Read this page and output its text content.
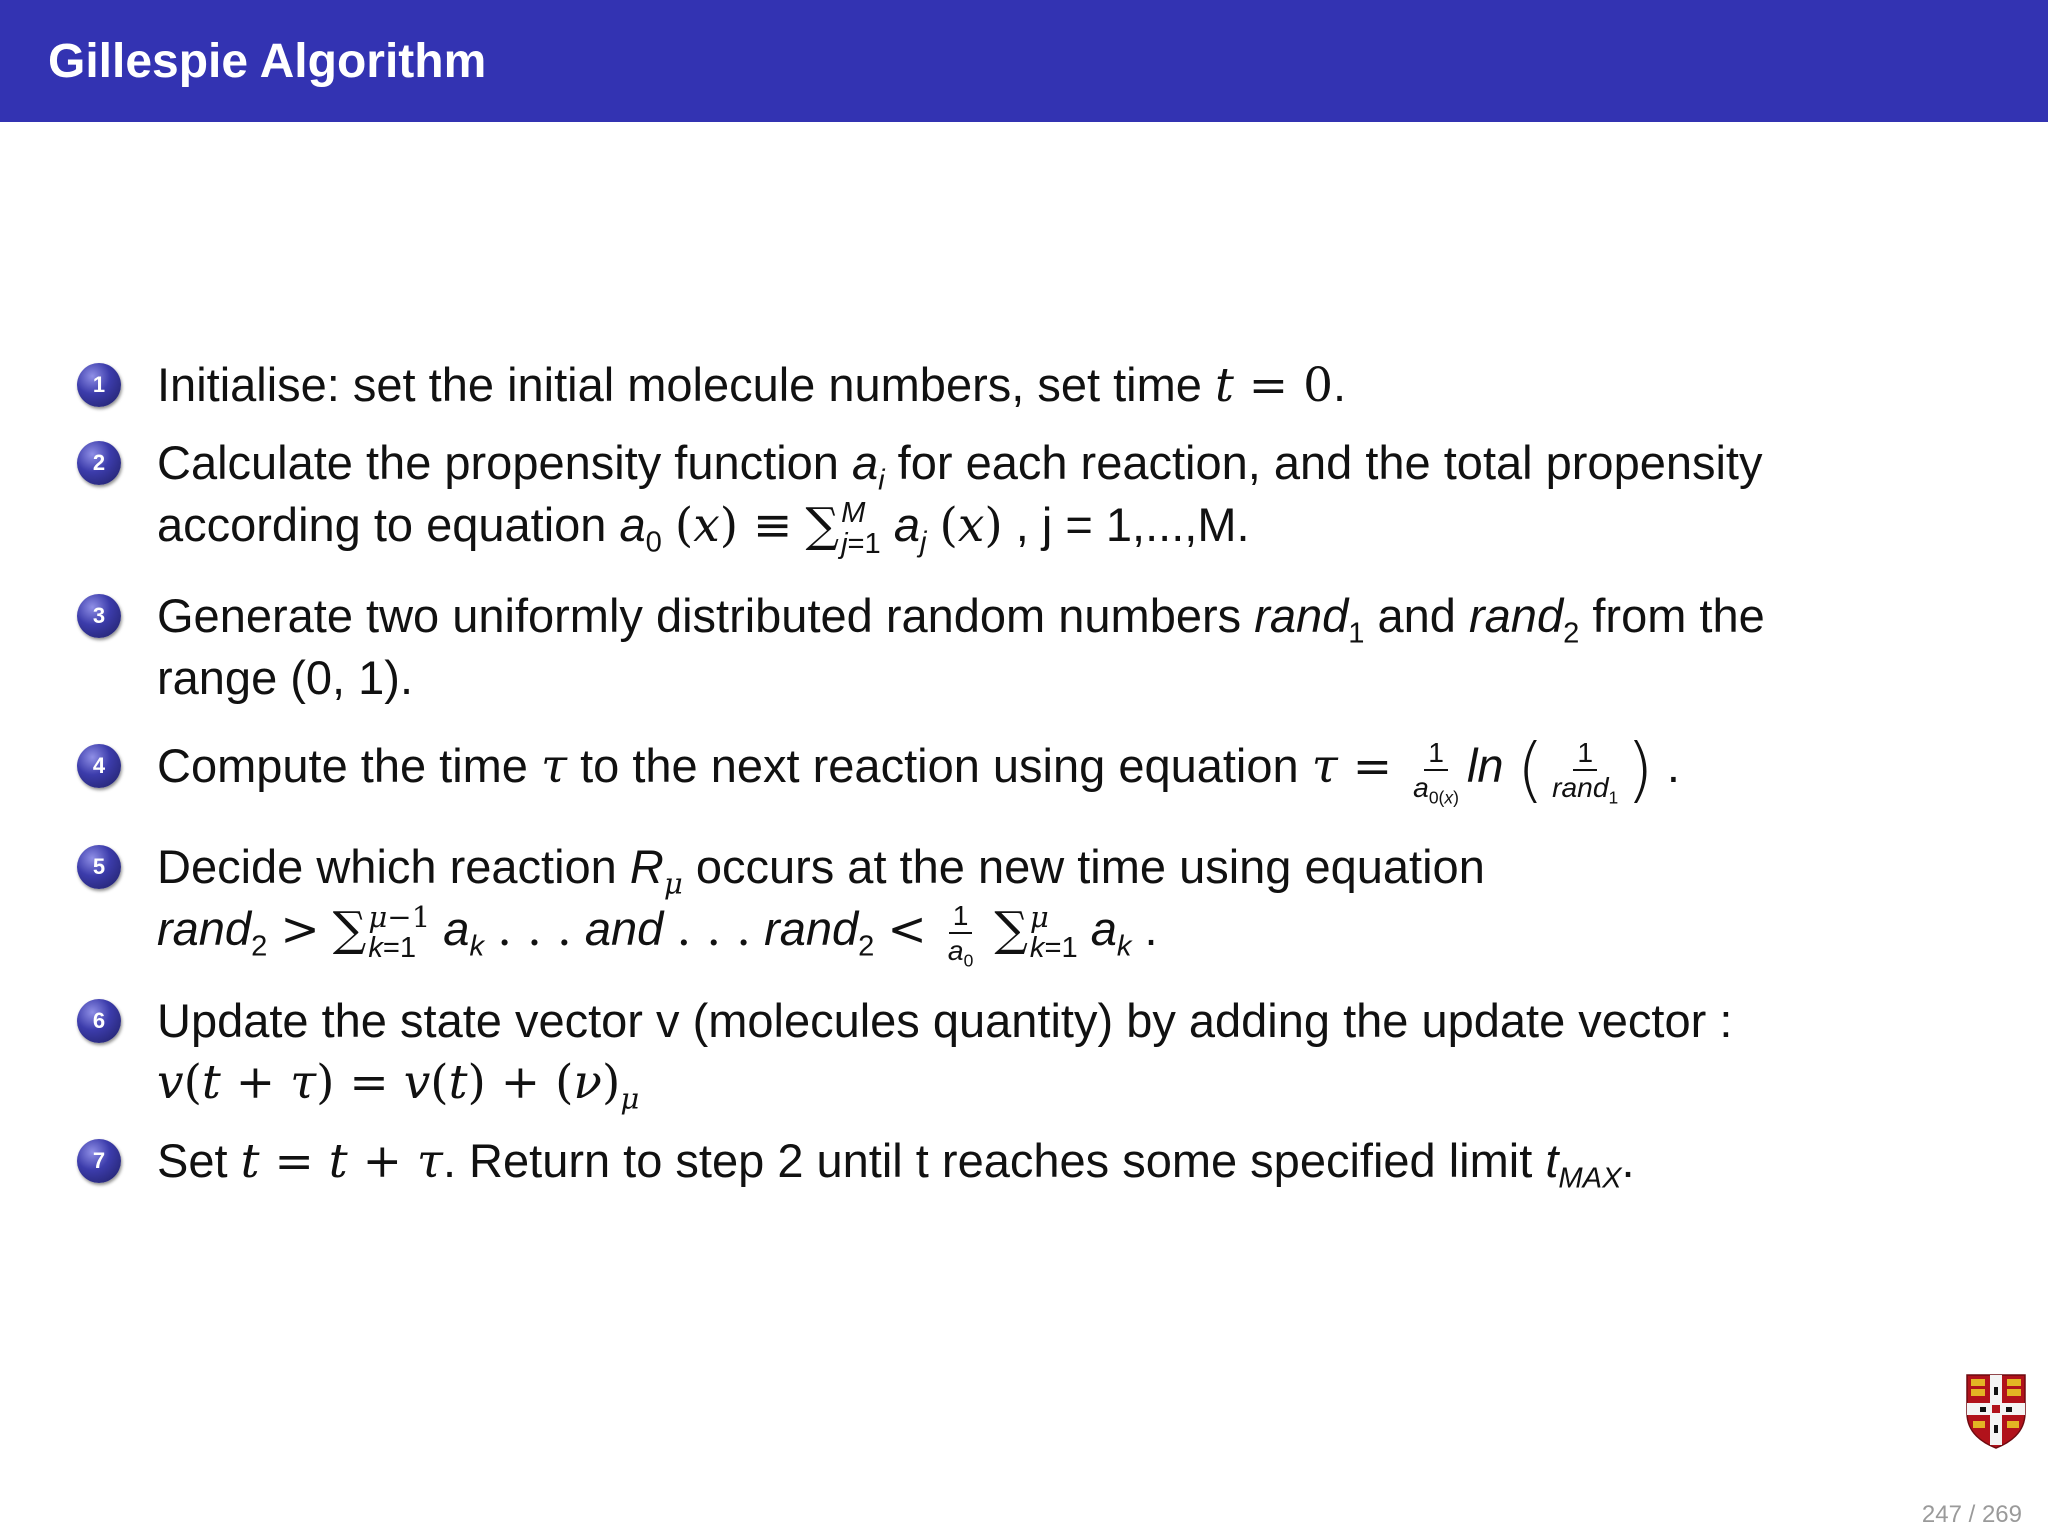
Gillespie Algorithm
1	Initialise: set the initial molecule numbers, set time t = 0.
2	Calculate the propensity function $a_i$ for each reaction, and the total propensity
according to equation $a_0$ (x) ≡ ∑ M
j=1 $a_j$ (x) , j = 1,...,M.
3	Generate two uniformly distributed random numbers rand$_1$ and rand$_2$ from the
range (0, 1).
4	Compute the time τ to the next reaction using equation $\tau = \frac{1}{a_{0(x)}}$ ln ( $\frac{1}{rand_1}$ ) .
5	Decide which reaction $R_\mu$ occurs at the new time using equation
rand$_2$ > ∑ μ−1
k=1 $a_k$ . . . and . . . rand$_2$ < $\frac{1}{a_0}$ ∑ μ
k=1 $a_k$ .
6	Update the state vector v (molecules quantity) by adding the update vector :
$v(t + \tau) = v(t) + (\nu)_\mu$
7	Set t = t + τ. Return to step 2 until t reaches some specified limit $t_{MAX}$.
247 / 269
